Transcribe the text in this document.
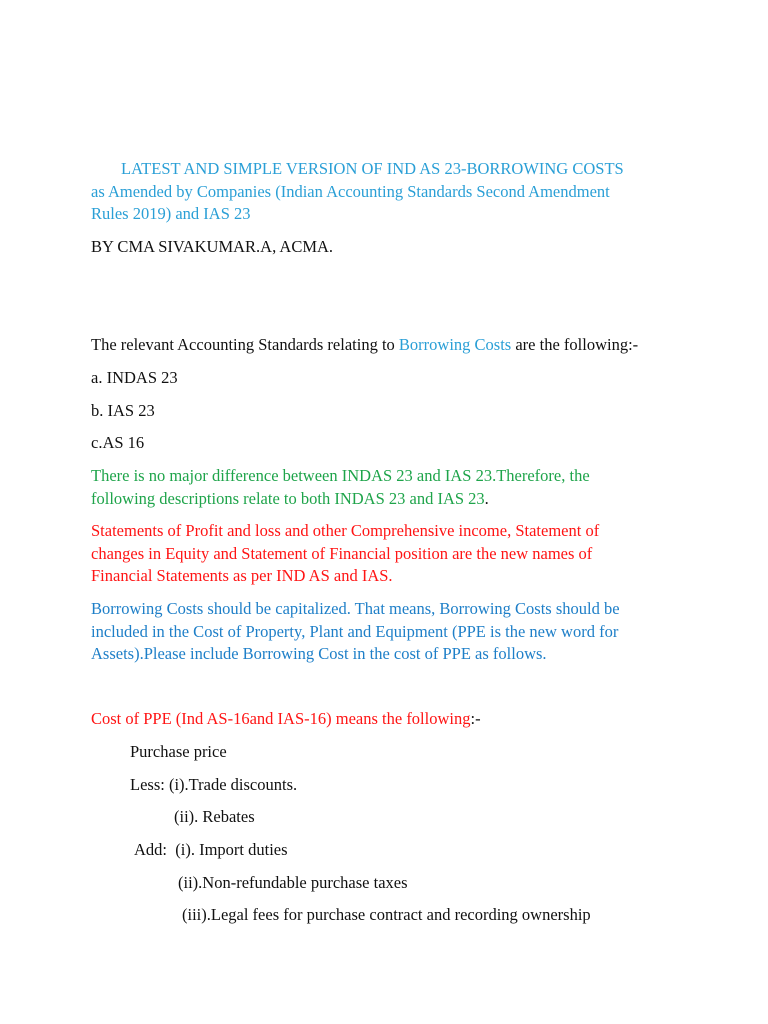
LATEST AND SIMPLE VERSION OF IND AS 23-BORROWING COSTS
as Amended by Companies (Indian Accounting Standards Second Amendment
Rules 2019) and IAS 23

BY CMA SIVAKUMAR.A, ACMA.

The relevant Accounting Standards relating to Borrowing Costs are the following:-

a. INDAS 23

b. IAS 23

c.AS 16

There is no major difference between INDAS 23 and IAS 23.Therefore, the
following descriptions relate to both INDAS 23 and IAS 23.
Statements of Profit and loss and other Comprehensive income, Statement of
changes in Equity and Statement of Financial position are the new names of
Financial Statements as per IND AS and IAS.
Borrowing Costs should be capitalized. That means, Borrowing Costs should be
included in the Cost of Property, Plant and Equipment (PPE is the new word for
Assets).Please include Borrowing Cost in the cost of PPE as follows.

Cost of PPE (Ind AS-16and IAS-16) means the following:-

Purchase price

Less: (i).Trade discounts.

(ii). Rebates

Add:  (i). Import duties

(ii).Non-refundable purchase taxes

(iii).Legal fees for purchase contract and recording ownership
